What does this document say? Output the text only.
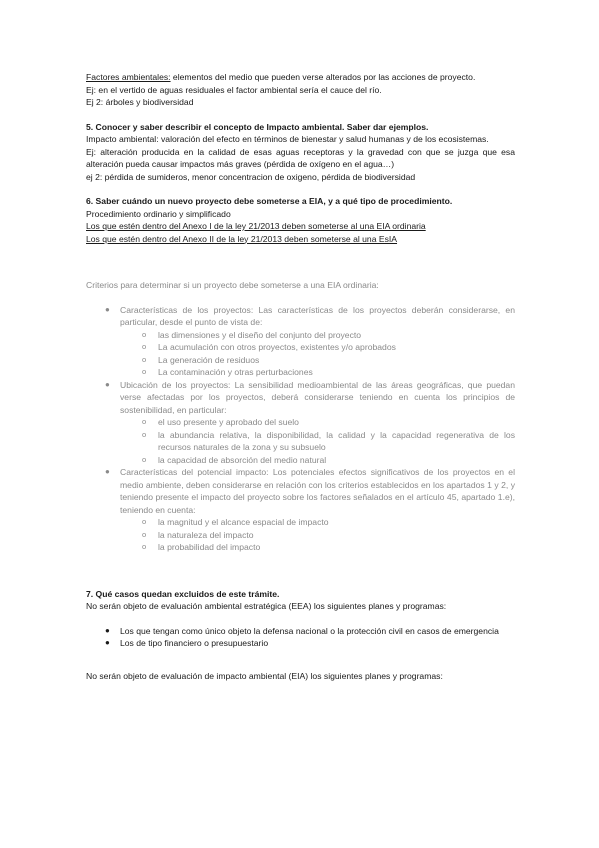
Factores ambientales: elementos del medio que pueden verse alterados por las acciones de proyecto.

Ej: en el vertido de aguas residuales el factor ambiental sería el cauce del río.

Ej 2: árboles y biodiversidad

5. Conocer y saber describir el concepto de Impacto ambiental. Saber dar ejemplos.

Impacto ambiental: valoración del efecto en términos de bienestar y salud humanas y de los ecosistemas.

Ej: alteración producida en la calidad de esas aguas receptoras y la gravedad con que se juzga que esa alteración pueda causar impactos más graves (pérdida de oxígeno en el agua…)

ej 2: pérdida de sumideros, menor concentracion de oxigeno, pérdida de biodiversidad

6. Saber cuándo un nuevo proyecto debe someterse a EIA, y a qué tipo de procedimiento.

Procedimiento ordinario y simplificado

Los que estén dentro del Anexo I de la ley 21/2013 deben someterse al una EIA ordinaria

Los que estén dentro del Anexo II de la ley 21/2013 deben someterse al una EsIA

Criterios para determinar si un proyecto debe someterse a una EIA ordinaria:

● Características de los proyectos: Las características de los proyectos deberán considerarse, en particular, desde el punto de vista de:
o las dimensiones y el diseño del conjunto del proyecto
o La acumulación con otros proyectos, existentes y/o aprobados
o La generación de residuos
o La contaminación y otras perturbaciones
● Ubicación de los proyectos: La sensibilidad medioambiental de las áreas geográficas, que puedan verse afectadas por los proyectos, deberá considerarse teniendo en cuenta los principios de sostenibilidad, en particular:
o el uso presente y aprobado del suelo
o la abundancia relativa, la disponibilidad, la calidad y la capacidad regenerativa de los recursos naturales de la zona y su subsuelo
o la capacidad de absorción del medio natural
● Características del potencial impacto: Los potenciales efectos significativos de los proyectos en el medio ambiente, deben considerarse en relación con los criterios establecidos en los apartados 1 y 2, y teniendo presente el impacto del proyecto sobre los factores señalados en el artículo 45, apartado 1.e), teniendo en cuenta:
o la magnitud y el alcance espacial de impacto
o la naturaleza del impacto
o la probabilidad del impacto

7. Qué casos quedan excluidos de este trámite.

No serán objeto de evaluación ambiental estratégica (EEA) los siguientes planes y programas:

● Los que tengan como único objeto la defensa nacional o la protección civil en casos de emergencia
● Los de tipo financiero o presupuestario

No serán objeto de evaluación de impacto ambiental (EIA) los siguientes planes y programas:
